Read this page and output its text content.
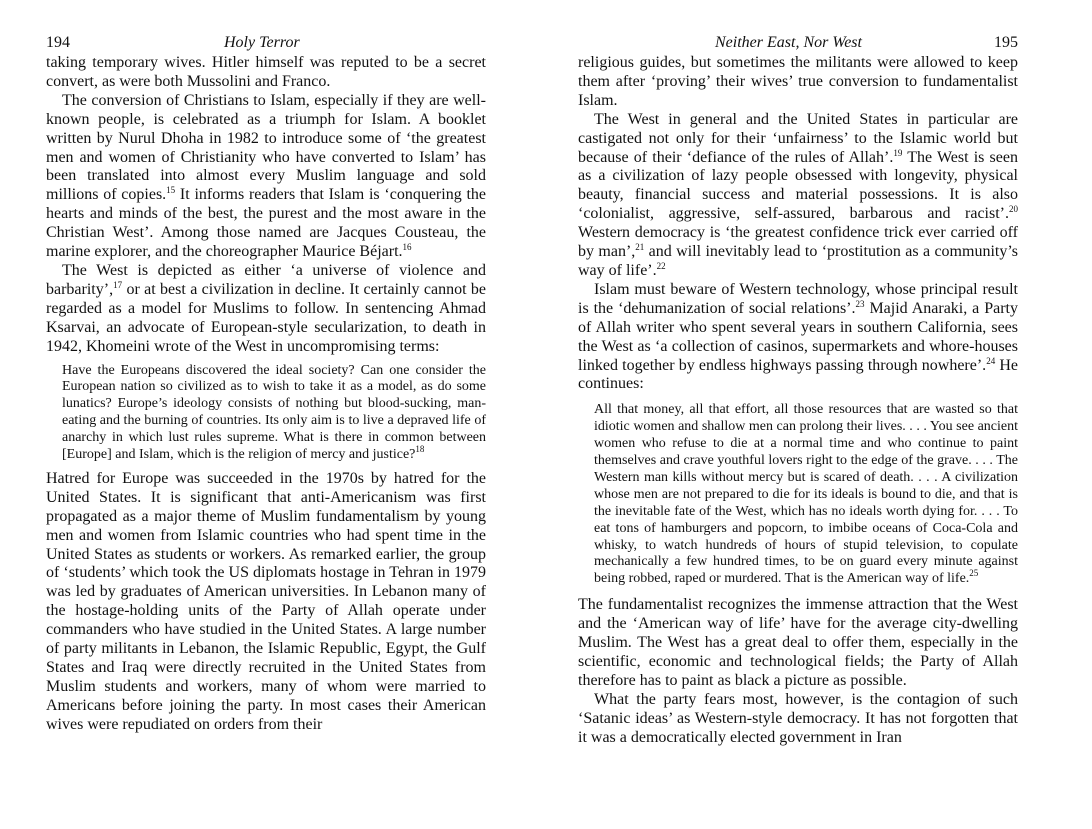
194	Holy Terror

taking temporary wives. Hitler himself was reputed to be a secret convert, as were both Mussolini and Franco.

The conversion of Christians to Islam, especially if they are well-known people, is celebrated as a triumph for Islam. A booklet written by Nurul Dhoha in 1982 to introduce some of ‘the greatest men and women of Christianity who have converted to Islam’ has been translated into almost every Muslim language and sold millions of copies.$^{15}$ It informs readers that Islam is ‘conquering the hearts and minds of the best, the purest and the most aware in the Christian West’. Among those named are Jacques Cousteau, the marine explorer, and the choreographer Maurice Béjart.$^{16}$

The West is depicted as either ‘a universe of violence and barbarity’,$^{17}$ or at best a civilization in decline. It certainly cannot be regarded as a model for Muslims to follow. In sentencing Ahmad Ksarvai, an advocate of European-style secularization, to death in 1942, Khomeini wrote of the West in uncompromising terms:

Have the Europeans discovered the ideal society? Can one consider the European nation so civilized as to wish to take it as a model, as do some lunatics? Europe’s ideology consists of nothing but blood-sucking, man-eating and the burning of countries. Its only aim is to live a depraved life of anarchy in which lust rules supreme. What is there in common between [Europe] and Islam, which is the religion of mercy and justice?$^{18}$

Hatred for Europe was succeeded in the 1970s by hatred for the United States. It is significant that anti-Americanism was first propagated as a major theme of Muslim fundamentalism by young men and women from Islamic countries who had spent time in the United States as students or workers. As remarked earlier, the group of ‘students’ which took the US diplomats hostage in Tehran in 1979 was led by graduates of American universities. In Lebanon many of the hostage-holding units of the Party of Allah operate under commanders who have studied in the United States. A large number of party militants in Lebanon, the Islamic Republic, Egypt, the Gulf States and Iraq were directly recruited in the United States from Muslim students and workers, many of whom were married to Americans before joining the party. In most cases their American wives were repudiated on orders from their

Neither East, Nor West	195

religious guides, but sometimes the militants were allowed to keep them after ‘proving’ their wives’ true conversion to fundamentalist Islam.

The West in general and the United States in particular are castigated not only for their ‘unfairness’ to the Islamic world but because of their ‘defiance of the rules of Allah’.$^{19}$ The West is seen as a civilization of lazy people obsessed with longevity, physical beauty, financial success and material possessions. It is also ‘colonialist, aggressive, self-assured, barbarous and racist’.$^{20}$ Western democracy is ‘the greatest confidence trick ever carried off by man’,$^{21}$ and will inevitably lead to ‘prostitution as a community’s way of life’.$^{22}$

Islam must beware of Western technology, whose principal result is the ‘dehumanization of social relations’.$^{23}$ Majid Anaraki, a Party of Allah writer who spent several years in southern California, sees the West as ‘a collection of casinos, supermarkets and whore-houses linked together by endless highways passing through nowhere’.$^{24}$ He continues:

All that money, all that effort, all those resources that are wasted so that idiotic women and shallow men can prolong their lives. . . . You see ancient women who refuse to die at a normal time and who continue to paint themselves and crave youthful lovers right to the edge of the grave. . . . The Western man kills without mercy but is scared of death. . . . A civilization whose men are not prepared to die for its ideals is bound to die, and that is the inevitable fate of the West, which has no ideals worth dying for. . . . To eat tons of hamburgers and popcorn, to imbibe oceans of Coca-Cola and whisky, to watch hundreds of hours of stupid television, to copulate mechanically a few hundred times, to be on guard every minute against being robbed, raped or murdered. That is the American way of life.$^{25}$

The fundamentalist recognizes the immense attraction that the West and the ‘American way of life’ have for the average city-dwelling Muslim. The West has a great deal to offer them, especially in the scientific, economic and technological fields; the Party of Allah therefore has to paint as black a picture as possible.

What the party fears most, however, is the contagion of such ‘Satanic ideas’ as Western-style democracy. It has not forgotten that it was a democratically elected government in Iran
